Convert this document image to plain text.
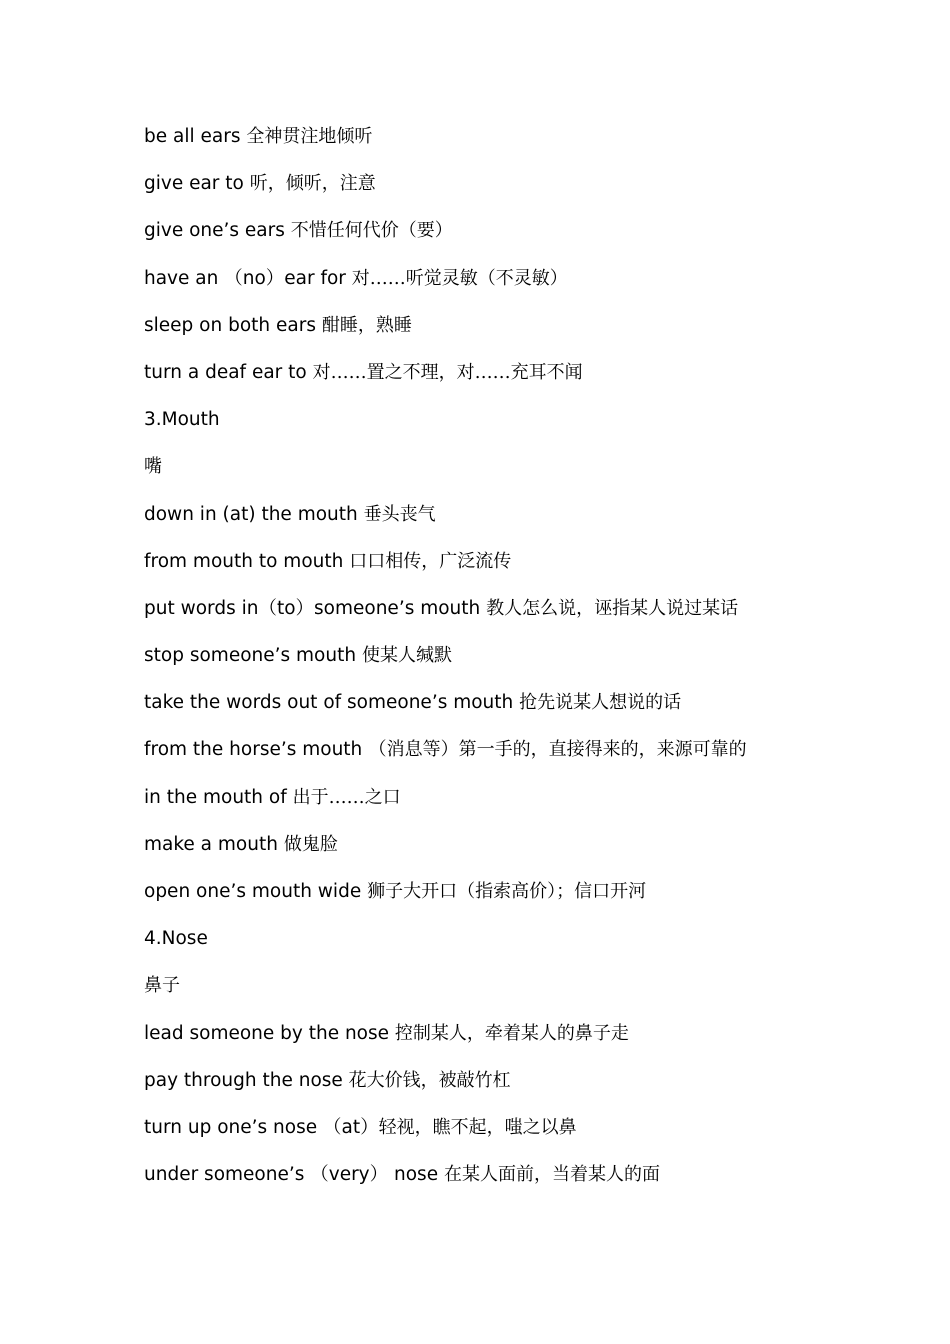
be all ears 全神贯注地倾听
give ear to 听，倾听，注意
give one’s ears 不惜任何代价（要）
have an （no）ear for 对……听觉灵敏（不灵敏）
sleep on both ears 酣睡，熟睡
turn a deaf ear to 对……置之不理，对……充耳不闻
3.Mouth
嘴
down in (at) the mouth 垂头丧气
from mouth to mouth 口口相传，广泛流传
put words in（to）someone’s mouth 教人怎么说，诬指某人说过某话
stop someone’s mouth 使某人缄默
take the words out of someone’s mouth 抢先说某人想说的话
from the horse’s mouth （消息等）第一手的，直接得来的，来源可靠的
in the mouth of 出于……之口
make a mouth 做鬼脸
open one’s mouth wide 狮子大开口（指索高价）；信口开河
4.Nose
鼻子
lead someone by the nose 控制某人，牵着某人的鼻子走
pay through the nose 花大价钱，被敲竹杠
turn up one’s nose （at）轻视，瞧不起，嗤之以鼻
under someone’s （very） nose 在某人面前，当着某人的面
